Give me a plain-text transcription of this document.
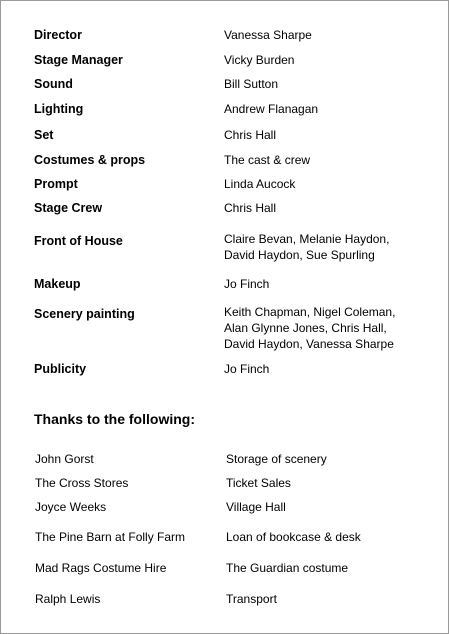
Director	Vanessa Sharpe
Stage Manager	Vicky Burden
Sound	Bill Sutton
Lighting	Andrew Flanagan
Set	Chris Hall
Costumes & props	The cast & crew
Prompt	Linda Aucock
Stage Crew	Chris Hall
Front of House	Claire Bevan, Melanie Haydon,
David Haydon, Sue Spurling
Makeup	Jo Finch
Scenery painting	Keith Chapman, Nigel Coleman,
Alan Glynne Jones, Chris Hall,
David Haydon, Vanessa Sharpe
Publicity	Jo Finch
Thanks to the following:
John Gorst	Storage of scenery
The Cross Stores	Ticket Sales
Joyce Weeks	Village Hall
The Pine Barn at Folly Farm	Loan of bookcase & desk
Mad Rags Costume Hire	The Guardian costume
Ralph Lewis	Transport
